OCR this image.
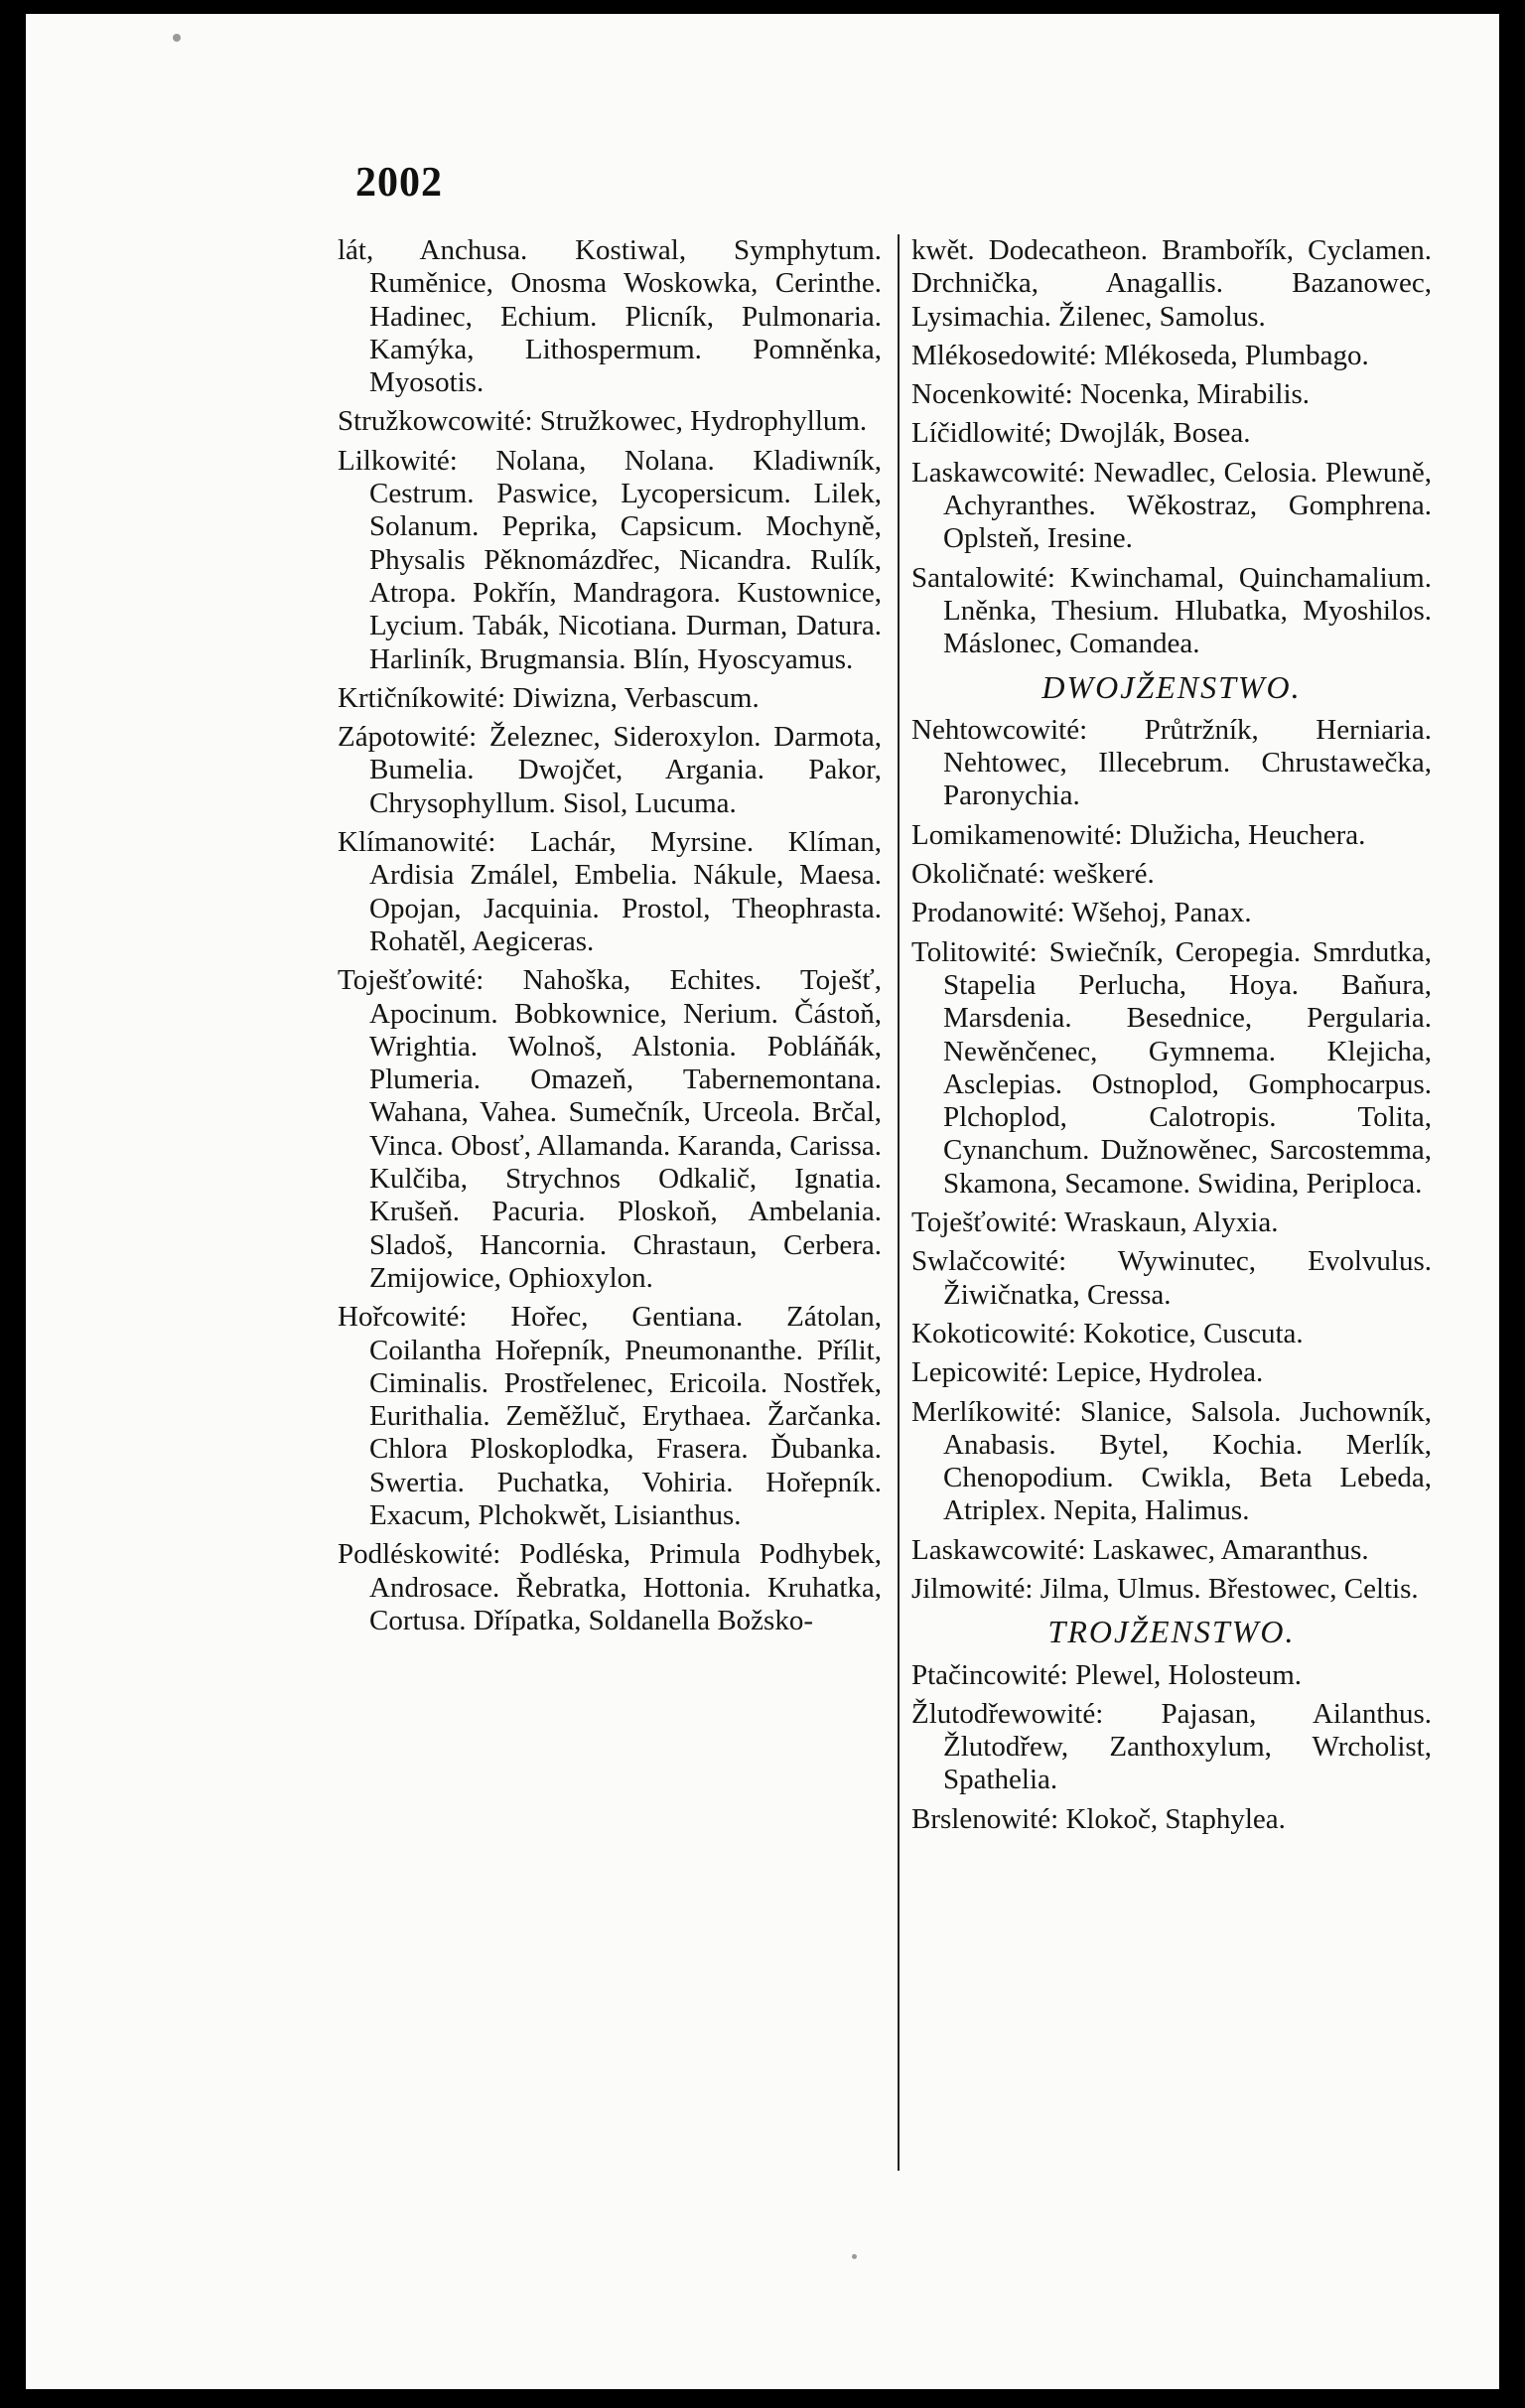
2002

lát, Anchusa. Kostiwal, Symphytum. Ruměnice, Onosma Woskowka, Cerinthe. Hadinec, Echium. Plicník, Pulmonaria. Kamýka, Lithospermum. Pomněnka, Myosotis.

Stružkowcowité: Stružkowec, Hydrophyllum.

Lilkowité: Nolana, Nolana. Kladiwník, Cestrum. Paswice, Lycopersicum. Lilek, Solanum. Peprika, Capsicum. Mochyně, Physalis Pěknomázdřec, Nicandra. Rulík, Atropa. Pokřín, Mandragora. Kustownice, Lycium. Tabák, Nicotiana. Durman, Datura. Harliník, Brugmansia. Blín, Hyoscyamus.

Krtičníkowité: Diwizna, Verbascum.

Zápotowité: Železnec, Sideroxylon. Darmota, Bumelia. Dwojčet, Argania. Pakor, Chrysophyllum. Sisol, Lucuma.

Klímanowité: Lachár, Myrsine. Klíman, Ardisia Zmálel, Embelia. Nákule, Maesa. Opojan, Jacquinia. Prostol, Theophrasta. Rohatěl, Aegiceras.

Toješťowité: Nahoška, Echites. Toješť, Apocinum. Bobkownice, Nerium. Částoň, Wrightia. Wolnoš, Alstonia. Pobláňák, Plumeria. Omazeň, Tabernemontana. Wahana, Vahea. Sumečník, Urceola. Brčal, Vinca. Obosť, Allamanda. Karanda, Carissa. Kulčiba, Strychnos Odkalič, Ignatia. Krušeň. Pacuria. Ploskoň, Ambelania. Sladoš, Hancornia. Chrastaun, Cerbera. Zmijowice, Ophioxylon.

Hořcowité: Hořec, Gentiana. Zátolan, Coilantha Hořepník, Pneumonanthe. Přílit, Ciminalis. Prostřelenec, Ericoila. Nostřek, Eurithalia. Zeměžluč, Erythaea. Žarčanka. Chlora Ploskoplodka, Frasera. Ďubanka. Swertia. Puchatka, Vohiria. Hořepník. Exacum, Plchokwět, Lisianthus.

Podléskowité: Podléska, Primula Podhybek, Androsace. Řebratka, Hottonia. Kruhatka, Cortusa. Dřípatka, Soldanella Božsko-

kwět. Dodecatheon. Brambořík, Cyclamen. Drchnička, Anagallis. Bazanowec, Lysimachia. Žilenec, Samolus.

Mlékosedowité: Mlékoseda, Plumbago.

Nocenkowité: Nocenka, Mirabilis.

Líčidlowité; Dwojlák, Bosea.

Laskawcowité: Newadlec, Celosia. Plewuně, Achyranthes. Wěkostraz, Gomphrena. Oplsteň, Iresine.

Santalowité: Kwinchamal, Quinchamalium. Lněnka, Thesium. Hlubatka, Myoshilos. Máslonec, Comandea.

DWOJŽENSTWO.

Nehtowcowité: Průtržník, Herniaria. Nehtowec, Illecebrum. Chrustawečka, Paronychia.

Lomikamenowité: Dlužicha, Heuchera.

Okoličnaté: weškeré.

Prodanowité: Wšehoj, Panax.

Tolitowité: Swiečník, Ceropegia. Smrdutka, Stapelia Perlucha, Hoya. Baňura, Marsdenia. Besednice, Pergularia. Newěnčenec, Gymnema. Klejicha, Asclepias. Ostnoplod, Gomphocarpus. Plchoplod, Calotropis. Tolita, Cynanchum. Dužnowěnec, Sarcostemma, Skamona, Secamone. Swidina, Periploca.

Toješťowité: Wraskaun, Alyxia.

Swlačcowité: Wywinutec, Evolvulus. Žiwičnatka, Cressa.

Kokoticowité: Kokotice, Cuscuta.

Lepicowité: Lepice, Hydrolea.

Merlíkowité: Slanice, Salsola. Juchowník, Anabasis. Bytel, Kochia. Merlík, Chenopodium. Cwikla, Beta Lebeda, Atriplex. Nepita, Halimus.

Laskawcowité: Laskawec, Amaranthus.

Jilmowité: Jilma, Ulmus. Břestowec, Celtis.

TROJŽENSTWO.

Ptačincowité: Plewel, Holosteum.

Žlutodřewowité: Pajasan, Ailanthus. Žlutodřew, Zanthoxylum, Wrcholist, Spathelia.

Brslenowité: Klokoč, Staphylea.
